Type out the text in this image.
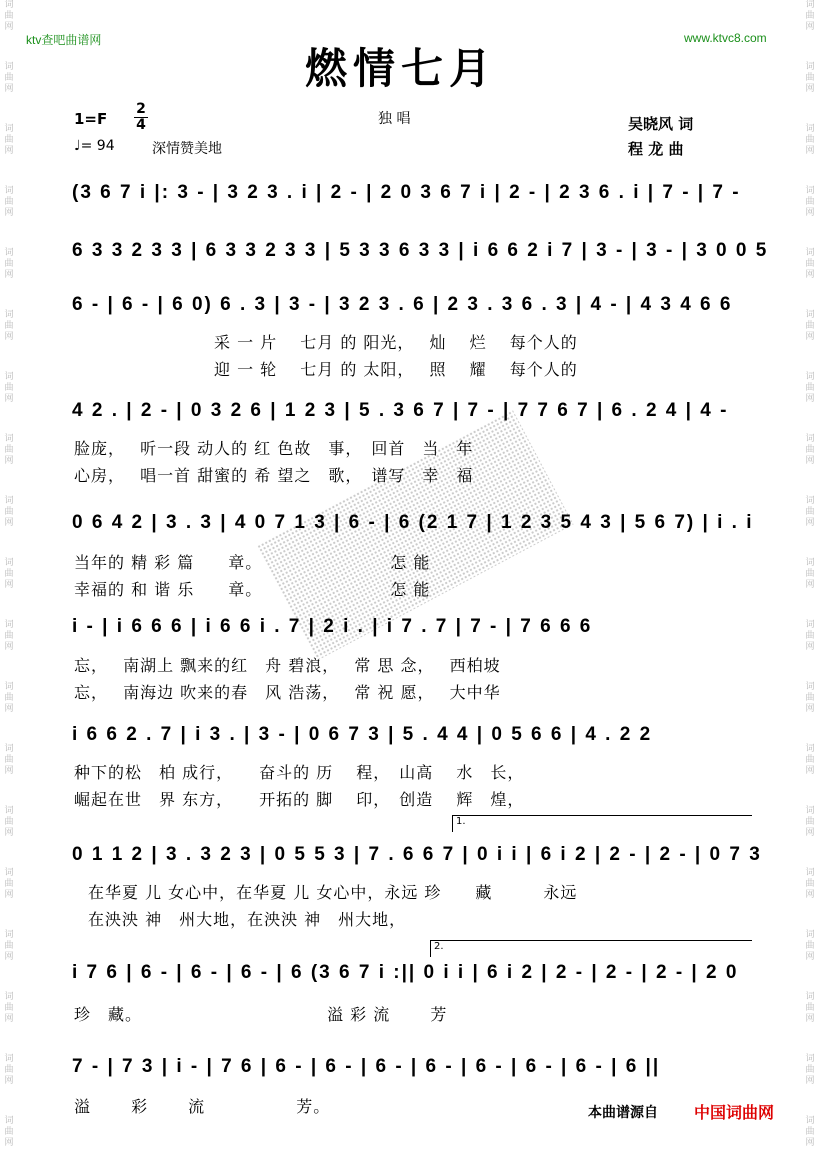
词
曲
网
词
曲
网
词
曲
网
词
曲
网
词
曲
网
词
曲
网
词
曲
网
词
曲
网
词
曲
网
词
曲
网
词
曲
网
词
曲
网
词
曲
网
词
曲
网
词
曲
网
词
曲
网
词
曲
网
词
曲
网
词
曲
网
词
曲
网
词
曲
网
词
曲
网
词
曲
网
词
曲
网
词
曲
网
词
曲
网
词
曲
网
词
曲
网
词
曲
网
词
曲
网
词
曲
网
词
曲
网
词
曲
网
词
曲
网
词
曲
网
词
曲
网
词
曲
网
词
曲
网
ktv查吧曲谱网	www.ktvc8.com
燃情七月
1=F
2
4
♩= 94	深情赞美地
独 唱	吴晓风 词
程 龙 曲
1.
2.
(3 6 7 i |: 3 - | 3 2 3 . i | 2 - | 2 0 3 6 7 i | 2 - | 2 3 6 . i | 7 - | 7 -
6 3 3 2 3 3 | 6 3 3 2 3 3 | 5 3 3 6 3 3 | i 6 6 2 i 7 | 3 - | 3 - | 3 0 0 5
6 - | 6 - | 6 0) 6 . 3 | 3 - | 3 2 3 . 6 | 2 3 . 3 6 . 3 | 4 - | 4 3 4 6 6
采 一 片　 七月 的 阳光，　 灿　 烂　 每个人的
迎 一 轮　 七月 的 太阳，　 照　 耀　 每个人的
4 2 . | 2 - | 0 3 2 6 | 1 2 3 | 5 . 3 6 7 | 7 - | 7 7 6 7 | 6 . 2 4 | 4 -
脸庞，　 听一段 动人的 红 色故　事，　回首　当　年
心房，　 唱一首 甜蜜的 希 望之　歌，　谱写　幸　福
0 6 4 2 | 3 . 3 | 4 0 7 1 3 | 6 - | 6 (2 1 7 | 1 2 3 5 4 3 | 5 6 7) | i . i
当年的 精 彩 篇　　章。　　　　　　　　怎 能
幸福的 和 谐 乐　　章。　　　　　　　　怎 能
i - | i 6 6 6 | i 6 6 i . 7 | 2 i . | i 7 . 7 | 7 - | 7 6 6 6
忘，　 南湖上 飘来的红　舟 碧浪，　 常 思 念，　 西柏坡
忘，　 南海边 吹来的春　风 浩荡，　 常 祝 愿，　 大中华
i 6 6 2 . 7 | i 3 . | 3 - | 0 6 7 3 | 5 . 4 4 | 0 5 6 6 | 4 . 2 2
种下的松　柏 成行，　　奋斗的 历　 程，　山高　 水　长，
崛起在世　界 东方，　　开拓的 脚　 印，　创造　 辉　煌，
0 1 1 2 | 3 . 3 2 3 | 0 5 5 3 | 7 . 6 6 7 | 0 i i | 6 i 2 | 2 - | 2 - | 0 7 3
在华夏 儿 女心中，在华夏 儿 女心中，永远 珍　　藏　　　永远
在泱泱 神　州大地，在泱泱 神　州大地，
i 7 6 | 6 - | 6 - | 6 - | 6 (3 6 7 i :|| 0 i i | 6 i 2 | 2 - | 2 - | 2 - | 2 0
珍　藏。　　　　　　　　　　　 溢 彩 流　　 芳
7 - | 7 3 | i - | 7 6 | 6 - | 6 - | 6 - | 6 - | 6 - | 6 - | 6 - | 6 ||
溢　　 彩　　 流　　　　　 芳。	本曲谱源自 中国词曲网
